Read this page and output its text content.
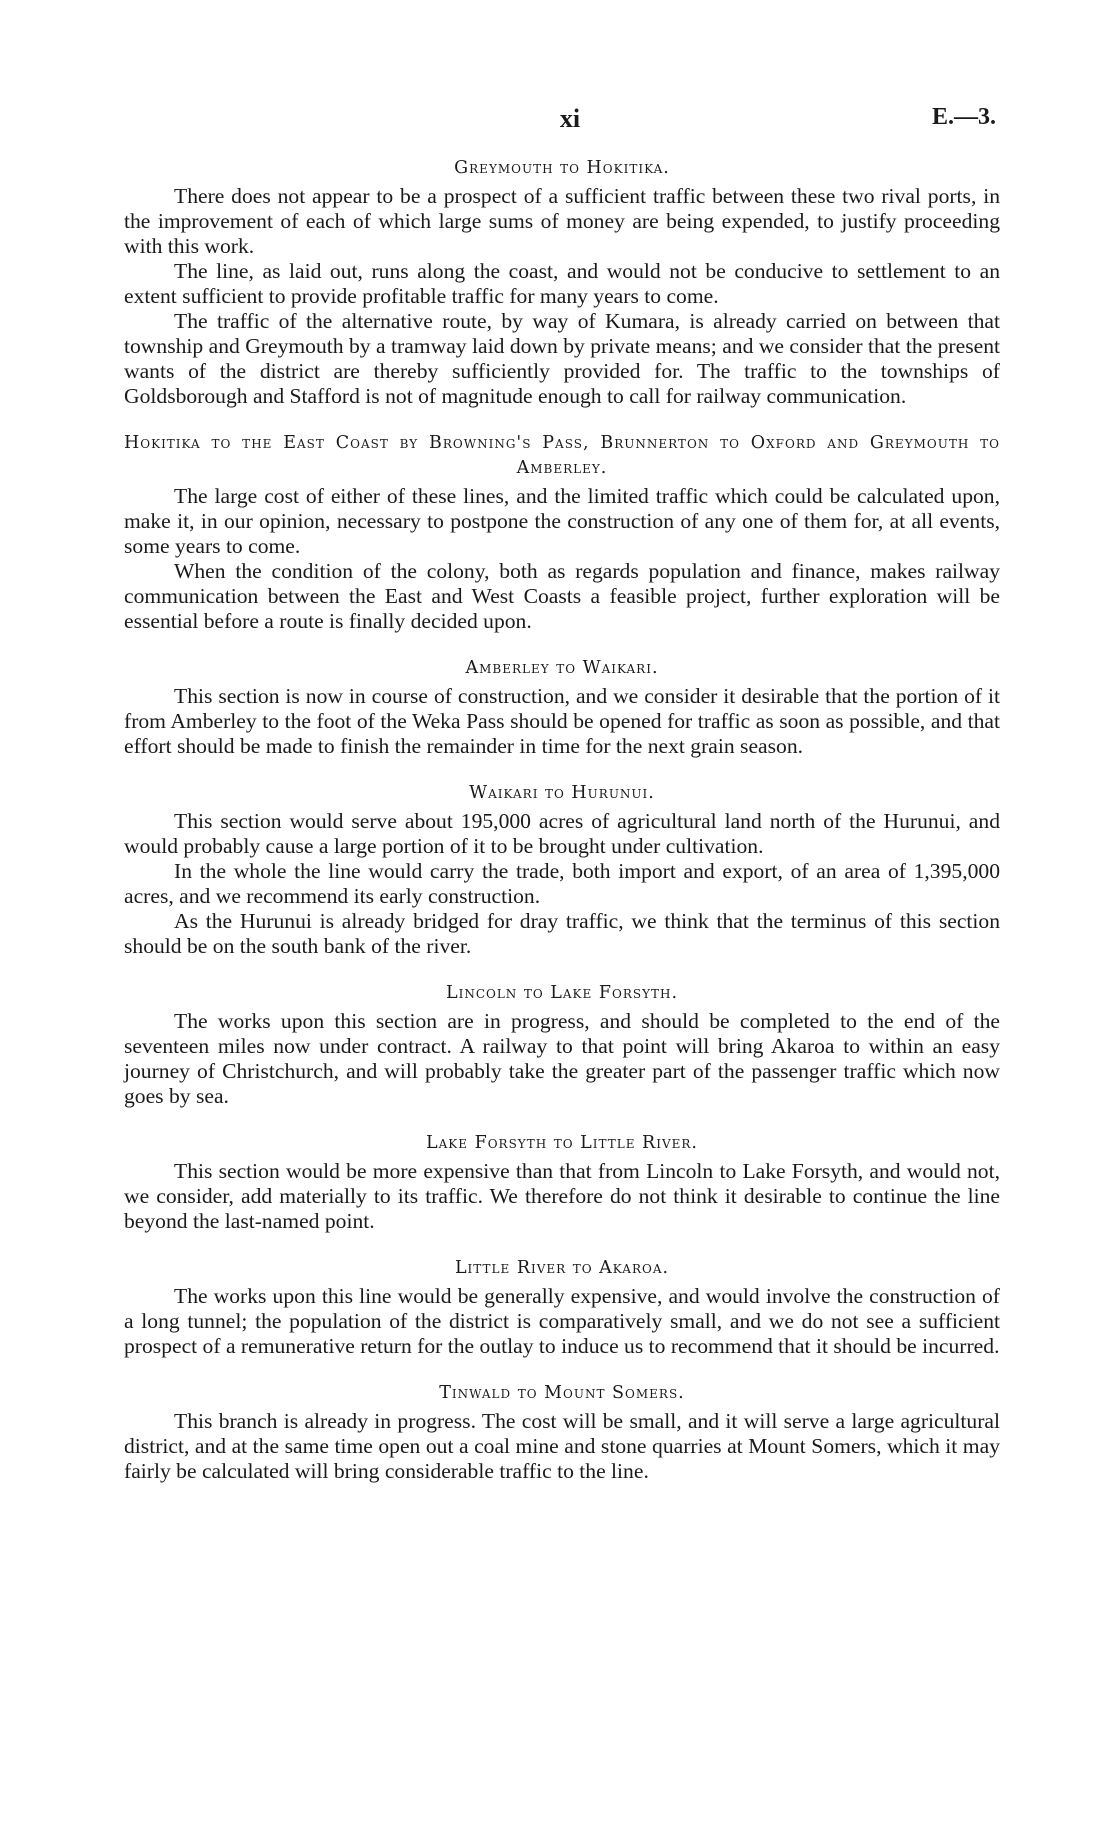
xi	E.—3.

Greymouth to Hokitika.

There does not appear to be a prospect of a sufficient traffic between these two rival ports, in the improvement of each of which large sums of money are being expended, to justify proceeding with this work.

The line, as laid out, runs along the coast, and would not be conducive to settlement to an extent sufficient to provide profitable traffic for many years to come.

The traffic of the alternative route, by way of Kumara, is already carried on between that township and Greymouth by a tramway laid down by private means; and we consider that the present wants of the district are thereby sufficiently provided for. The traffic to the townships of Goldsborough and Stafford is not of magnitude enough to call for railway communication.

Hokitika to the East Coast by Browning's Pass, Brunnerton to Oxford and Greymouth to Amberley.

The large cost of either of these lines, and the limited traffic which could be calculated upon, make it, in our opinion, necessary to postpone the construction of any one of them for, at all events, some years to come.

When the condition of the colony, both as regards population and finance, makes railway communication between the East and West Coasts a feasible project, further exploration will be essential before a route is finally decided upon.

Amberley to Waikari.

This section is now in course of construction, and we consider it desirable that the portion of it from Amberley to the foot of the Weka Pass should be opened for traffic as soon as possible, and that effort should be made to finish the remainder in time for the next grain season.

Waikari to Hurunui.

This section would serve about 195,000 acres of agricultural land north of the Hurunui, and would probably cause a large portion of it to be brought under cultivation.

In the whole the line would carry the trade, both import and export, of an area of 1,395,000 acres, and we recommend its early construction.

As the Hurunui is already bridged for dray traffic, we think that the terminus of this section should be on the south bank of the river.

Lincoln to Lake Forsyth.

The works upon this section are in progress, and should be completed to the end of the seventeen miles now under contract. A railway to that point will bring Akaroa to within an easy journey of Christchurch, and will probably take the greater part of the passenger traffic which now goes by sea.

Lake Forsyth to Little River.

This section would be more expensive than that from Lincoln to Lake Forsyth, and would not, we consider, add materially to its traffic. We therefore do not think it desirable to continue the line beyond the last-named point.

Little River to Akaroa.

The works upon this line would be generally expensive, and would involve the construction of a long tunnel; the population of the district is comparatively small, and we do not see a sufficient prospect of a remunerative return for the outlay to induce us to recommend that it should be incurred.

Tinwald to Mount Somers.

This branch is already in progress. The cost will be small, and it will serve a large agricultural district, and at the same time open out a coal mine and stone quarries at Mount Somers, which it may fairly be calculated will bring considerable traffic to the line.
